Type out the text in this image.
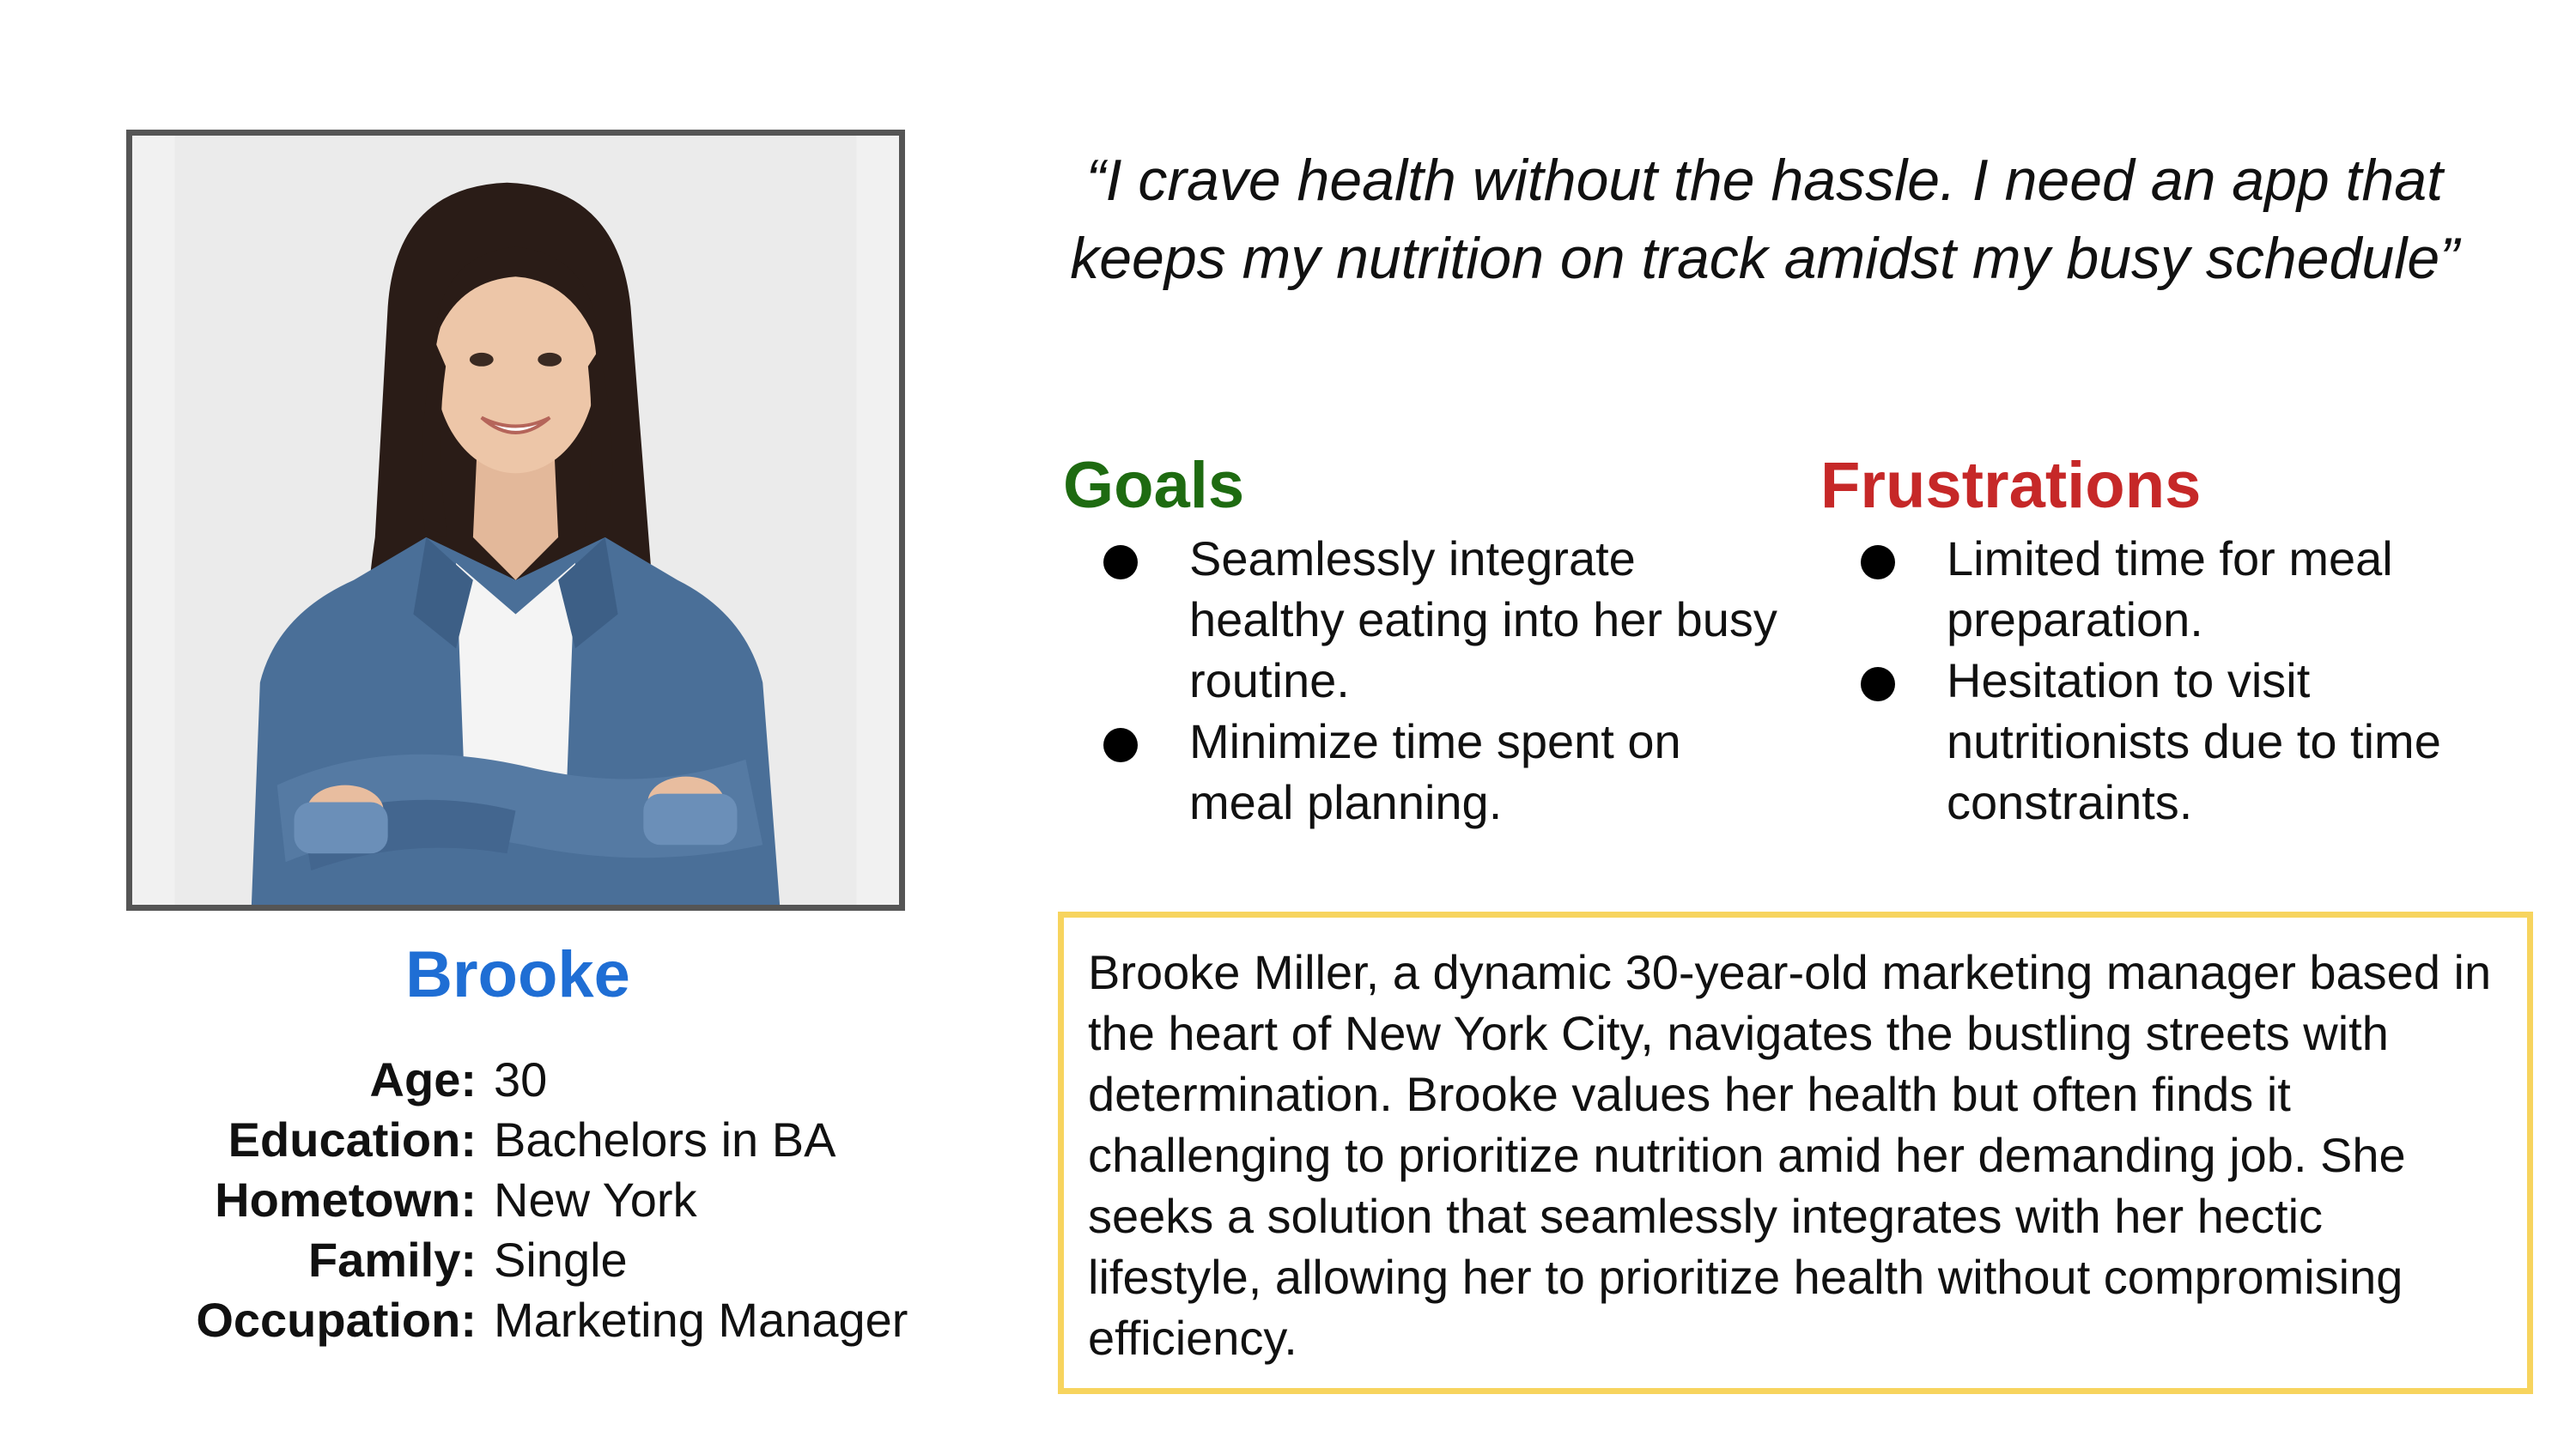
Brooke
Age: 30
Education: Bachelors in BA
Hometown: New York
Family: Single
Occupation: Marketing Manager
“I crave health without the hassle. I need an app that keeps my nutrition on track amidst my busy schedule”
Goals
Seamlessly integrate healthy eating into her busy routine.
Minimize time spent on meal planning.
Frustrations
Limited time for meal preparation.
Hesitation to visit nutritionists due to time constraints.
Brooke Miller, a dynamic 30-year-old marketing manager based in the heart of New York City, navigates the bustling streets with determination. Brooke values her health but often finds it challenging to prioritize nutrition amid her demanding job. She seeks a solution that seamlessly integrates with her hectic lifestyle, allowing her to prioritize health without compromising efficiency.
